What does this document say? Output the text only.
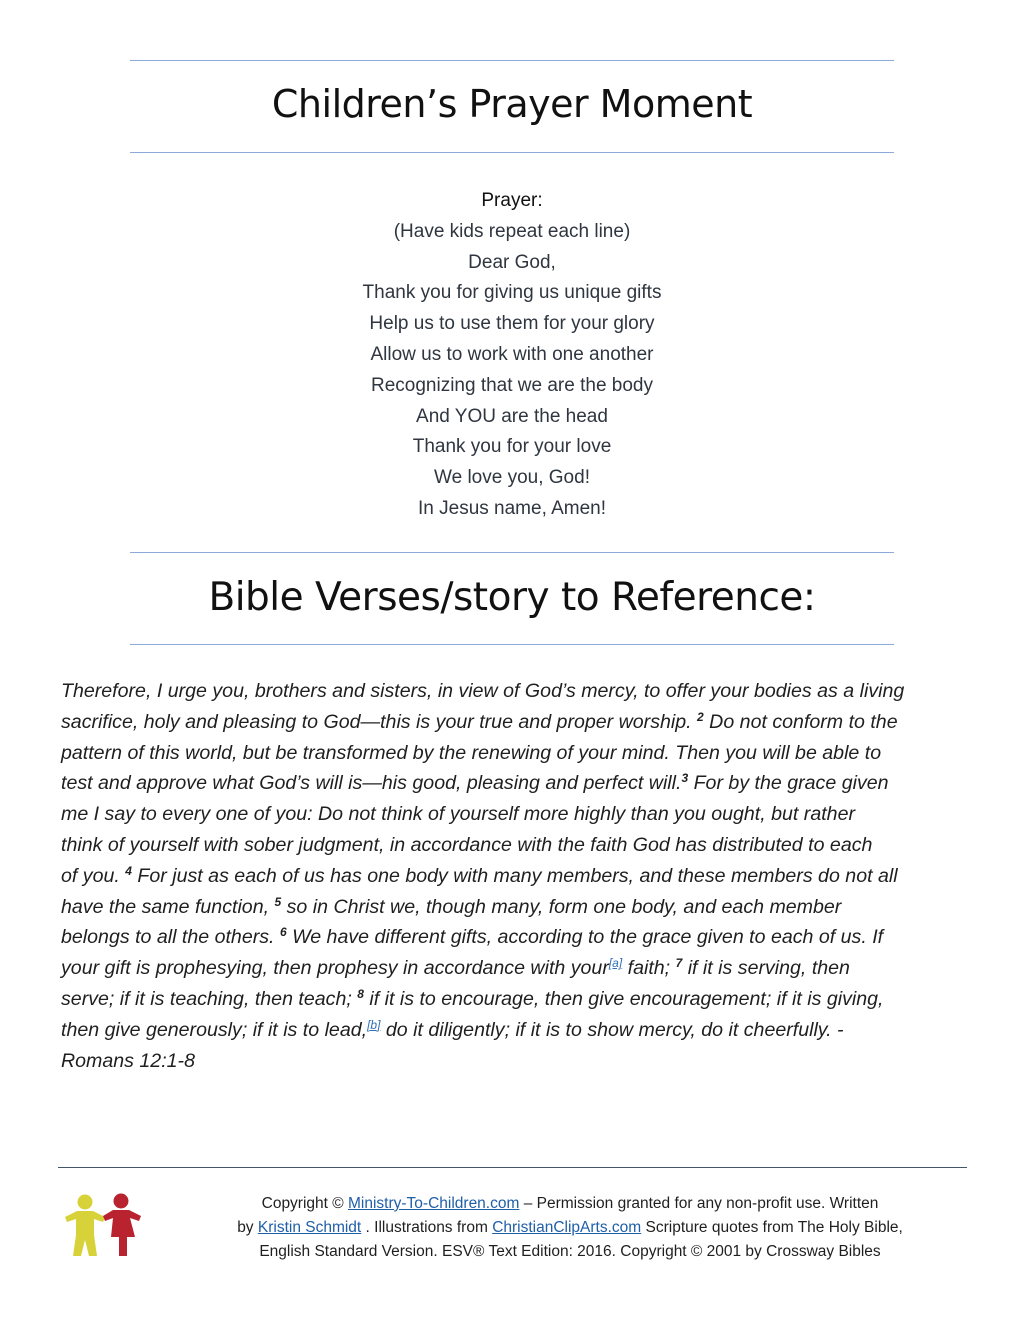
Children’s Prayer Moment
Prayer:
(Have kids repeat each line)
Dear God,
Thank you for giving us unique gifts
Help us to use them for your glory
Allow us to work with one another
Recognizing that we are the body
And YOU are the head
Thank you for your love
We love you, God!
In Jesus name, Amen!
Bible Verses/story to Reference:

Therefore, I urge you, brothers and sisters, in view of God’s mercy, to offer your bodies as a living
sacrifice, holy and pleasing to God—this is your true and proper worship. $^2$ Do not conform to the
pattern of this world, but be transformed by the renewing of your mind. Then you will be able to
test and approve what God’s will is—his good, pleasing and perfect will.$^3$ For by the grace given
me I say to every one of you: Do not think of yourself more highly than you ought, but rather
think of yourself with sober judgment, in accordance with the faith God has distributed to each
of you. $^4$ For just as each of us has one body with many members, and these members do not all
have the same function, $^5$ so in Christ we, though many, form one body, and each member
belongs to all the others. $^6$ We have different gifts, according to the grace given to each of us. If
your gift is prophesying, then prophesy in accordance with your[a] faith; $^7$ if it is serving, then
serve; if it is teaching, then teach; $^8$ if it is to encourage, then give encouragement; if it is giving,
then give generously; if it is to lead,[b] do it diligently; if it is to show mercy, do it cheerfully. -
Romans 12:1-8

Copyright © Ministry-To-Children.com – Permission granted for any non-profit use. Written
by Kristin Schmidt . Illustrations from ChristianClipArts.com Scripture quotes from The Holy Bible,
English Standard Version. ESV® Text Edition: 2016. Copyright © 2001 by Crossway Bibles
